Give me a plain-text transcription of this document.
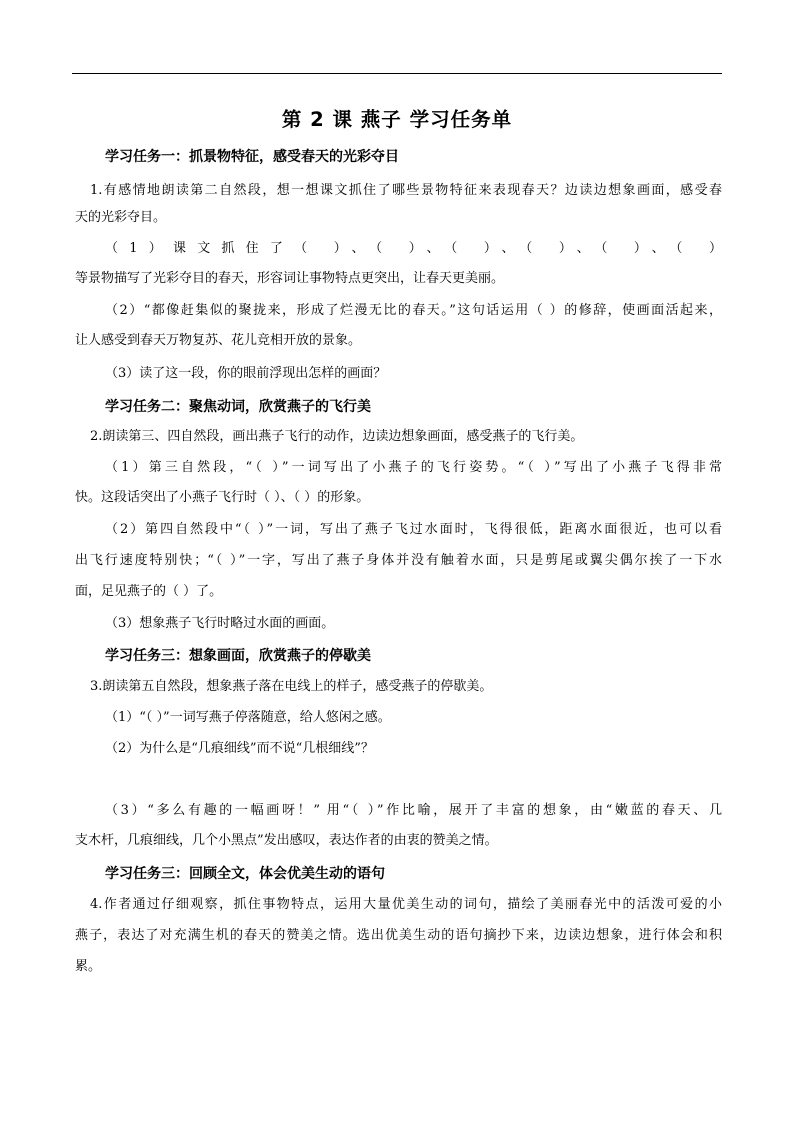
第 2 课 燕子 学习任务单
学习任务一：抓景物特征，感受春天的光彩夺目
1.有感情地朗读第二自然段，想一想课文抓住了哪些景物特征来表现春天？边读边想象画面，感受春
天的光彩夺目。
（1）课文抓住了（ ）、（ ）、（ ）、（ ）、（ ）、（ ）
等景物描写了光彩夺目的春天，形容词让事物特点更突出，让春天更美丽。
（2）“都像赶集似的聚拢来，形成了烂漫无比的春天。”这句话运用（ ）的修辞，使画面活起来，
让人感受到春天万物复苏、花儿竞相开放的景象。
（3）读了这一段，你的眼前浮现出怎样的画面？
学习任务二：聚焦动词，欣赏燕子的飞行美
2.朗读第三、四自然段，画出燕子飞行的动作，边读边想象画面，感受燕子的飞行美。
（1）第三自然段，“（ ）”一词写出了小燕子的飞行姿势。“（ ）”写出了小燕子飞得非常
快。这段话突出了小燕子飞行时（ ）、（ ）的形象。
（2）第四自然段中“（ ）”一词，写出了燕子飞过水面时，飞得很低，距离水面很近，也可以看
出飞行速度特别快；“（ ）”一字，写出了燕子身体并没有触着水面，只是剪尾或翼尖偶尔挨了一下水
面，足见燕子的（ ）了。
（3）想象燕子飞行时略过水面的画面。
学习任务三：想象画面，欣赏燕子的停歇美
3.朗读第五自然段，想象燕子落在电线上的样子，感受燕子的停歇美。
（1）“（ ）”一词写燕子停落随意，给人悠闲之感。
（2）为什么是“几痕细线”而不说“几根细线”？
（3）“多么有趣的一幅画呀！” 用“（ ）”作比喻，展开了丰富的想象，由“嫩蓝的春天、几
支木杆，几痕细线，几个小黑点”发出感叹，表达作者的由衷的赞美之情。
学习任务三：回顾全文，体会优美生动的语句
4.作者通过仔细观察，抓住事物特点，运用大量优美生动的词句，描绘了美丽春光中的活泼可爱的小
燕子，表达了对充满生机的春天的赞美之情。选出优美生动的语句摘抄下来，边读边想象，进行体会和积
累。
